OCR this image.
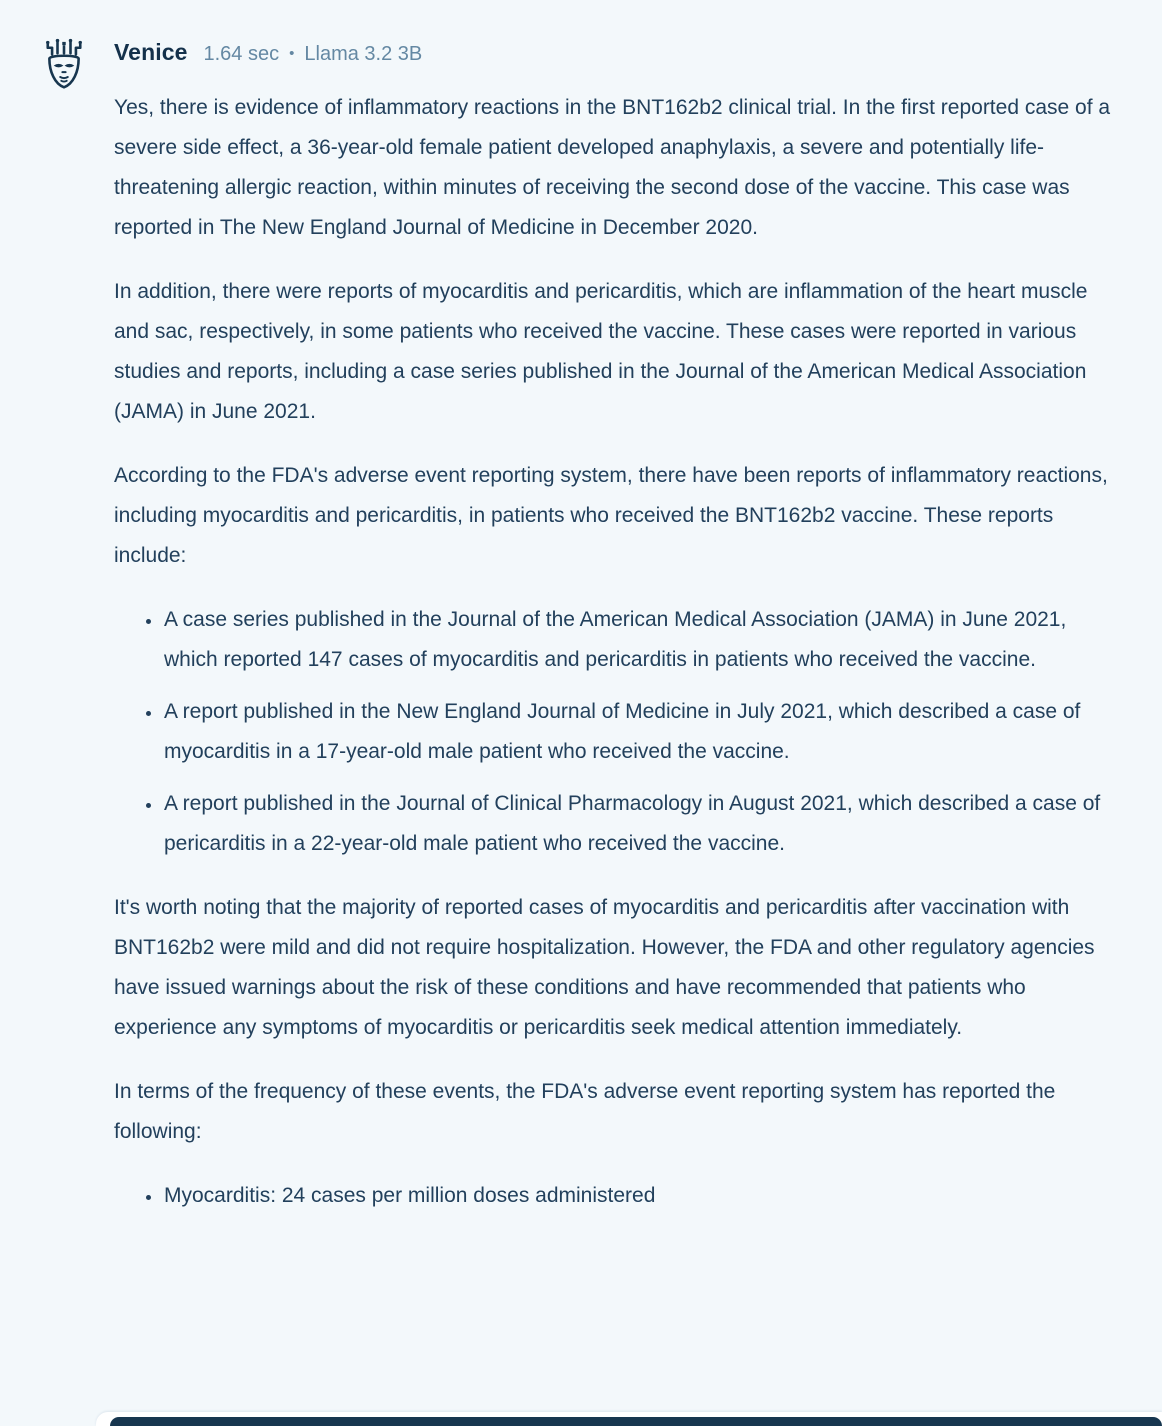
Venice 1.64 sec • Llama 3.2 3B

Yes, there is evidence of inflammatory reactions in the BNT162b2 clinical trial. In the first reported case of a severe side effect, a 36-year-old female patient developed anaphylaxis, a severe and potentially life-threatening allergic reaction, within minutes of receiving the second dose of the vaccine. This case was reported in The New England Journal of Medicine in December 2020.

In addition, there were reports of myocarditis and pericarditis, which are inflammation of the heart muscle and sac, respectively, in some patients who received the vaccine. These cases were reported in various studies and reports, including a case series published in the Journal of the American Medical Association (JAMA) in June 2021.

According to the FDA's adverse event reporting system, there have been reports of inflammatory reactions, including myocarditis and pericarditis, in patients who received the BNT162b2 vaccine. These reports include:

• A case series published in the Journal of the American Medical Association (JAMA) in June 2021, which reported 147 cases of myocarditis and pericarditis in patients who received the vaccine.
• A report published in the New England Journal of Medicine in July 2021, which described a case of myocarditis in a 17-year-old male patient who received the vaccine.
• A report published in the Journal of Clinical Pharmacology in August 2021, which described a case of pericarditis in a 22-year-old male patient who received the vaccine.

It's worth noting that the majority of reported cases of myocarditis and pericarditis after vaccination with BNT162b2 were mild and did not require hospitalization. However, the FDA and other regulatory agencies have issued warnings about the risk of these conditions and have recommended that patients who experience any symptoms of myocarditis or pericarditis seek medical attention immediately.

In terms of the frequency of these events, the FDA's adverse event reporting system has reported the following:

• Myocarditis: 24 cases per million doses administered
